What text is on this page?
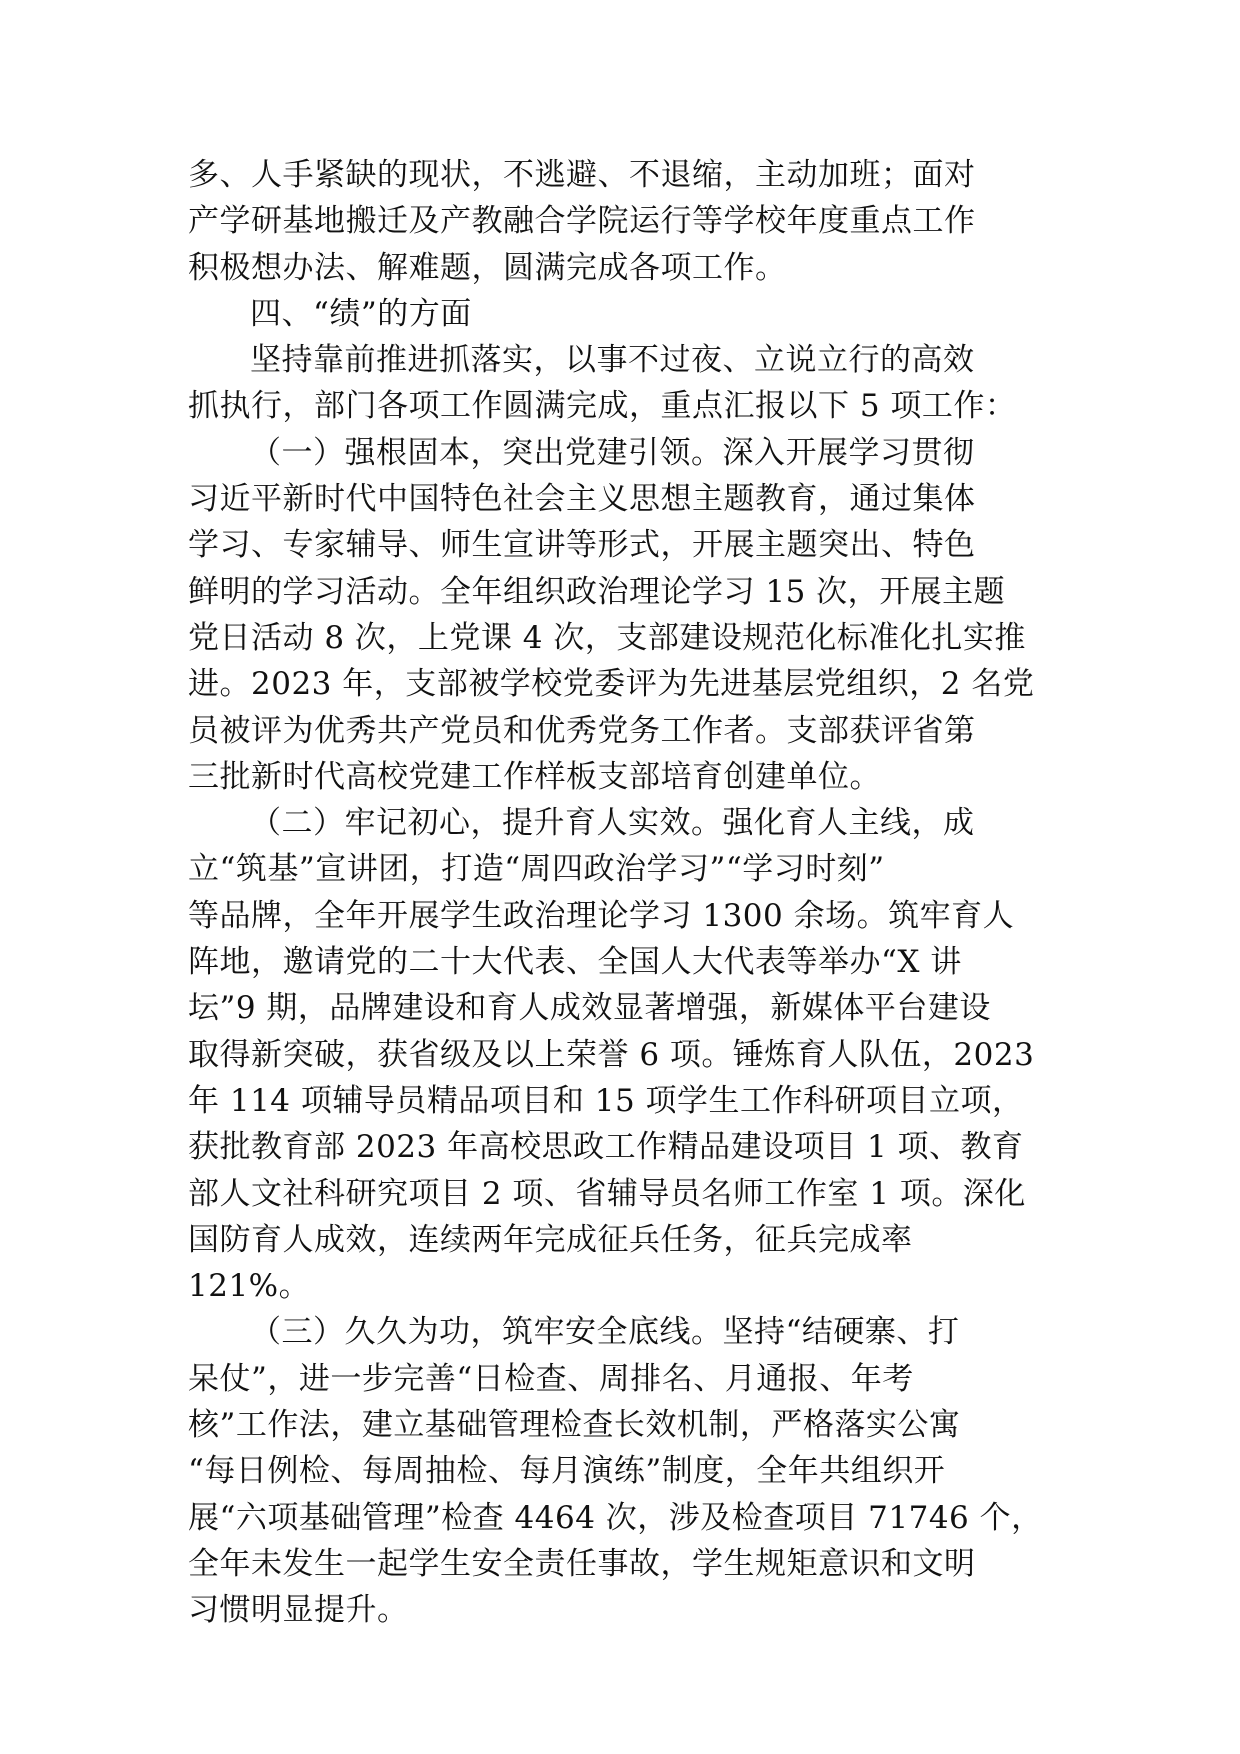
多、人手紧缺的现状，不逃避、不退缩，主动加班；面对
产学研基地搬迁及产教融合学院运行等学校年度重点工作
积极想办法、解难题，圆满完成各项工作。
四、“绩”的方面
坚持靠前推进抓落实，以事不过夜、立说立行的高效
抓执行，部门各项工作圆满完成，重点汇报以下 5 项工作：
（一）强根固本，突出党建引领。深入开展学习贯彻
习近平新时代中国特色社会主义思想主题教育，通过集体
学习、专家辅导、师生宣讲等形式，开展主题突出、特色
鲜明的学习活动。全年组织政治理论学习 15 次，开展主题
党日活动 8 次，上党课 4 次，支部建设规范化标准化扎实推
进。2023 年，支部被学校党委评为先进基层党组织，2 名党
员被评为优秀共产党员和优秀党务工作者。支部获评省第
三批新时代高校党建工作样板支部培育创建单位。
（二）牢记初心，提升育人实效。强化育人主线，成
立“筑基”宣讲团，打造“周四政治学习”“学习时刻”
等品牌，全年开展学生政治理论学习 1300 余场。筑牢育人
阵地，邀请党的二十大代表、全国人大代表等举办“X 讲
坛”9 期，品牌建设和育人成效显著增强，新媒体平台建设
取得新突破，获省级及以上荣誉 6 项。锤炼育人队伍，2023
年 114 项辅导员精品项目和 15 项学生工作科研项目立项，
获批教育部 2023 年高校思政工作精品建设项目 1 项、教育
部人文社科研究项目 2 项、省辅导员名师工作室 1 项。深化
国防育人成效，连续两年完成征兵任务，征兵完成率
121%。
（三）久久为功，筑牢安全底线。坚持“结硬寨、打
呆仗”，进一步完善“日检查、周排名、月通报、年考
核”工作法，建立基础管理检查长效机制，严格落实公寓
“每日例检、每周抽检、每月演练”制度，全年共组织开
展“六项基础管理”检查 4464 次，涉及检查项目 71746 个，
全年未发生一起学生安全责任事故，学生规矩意识和文明
习惯明显提升。
